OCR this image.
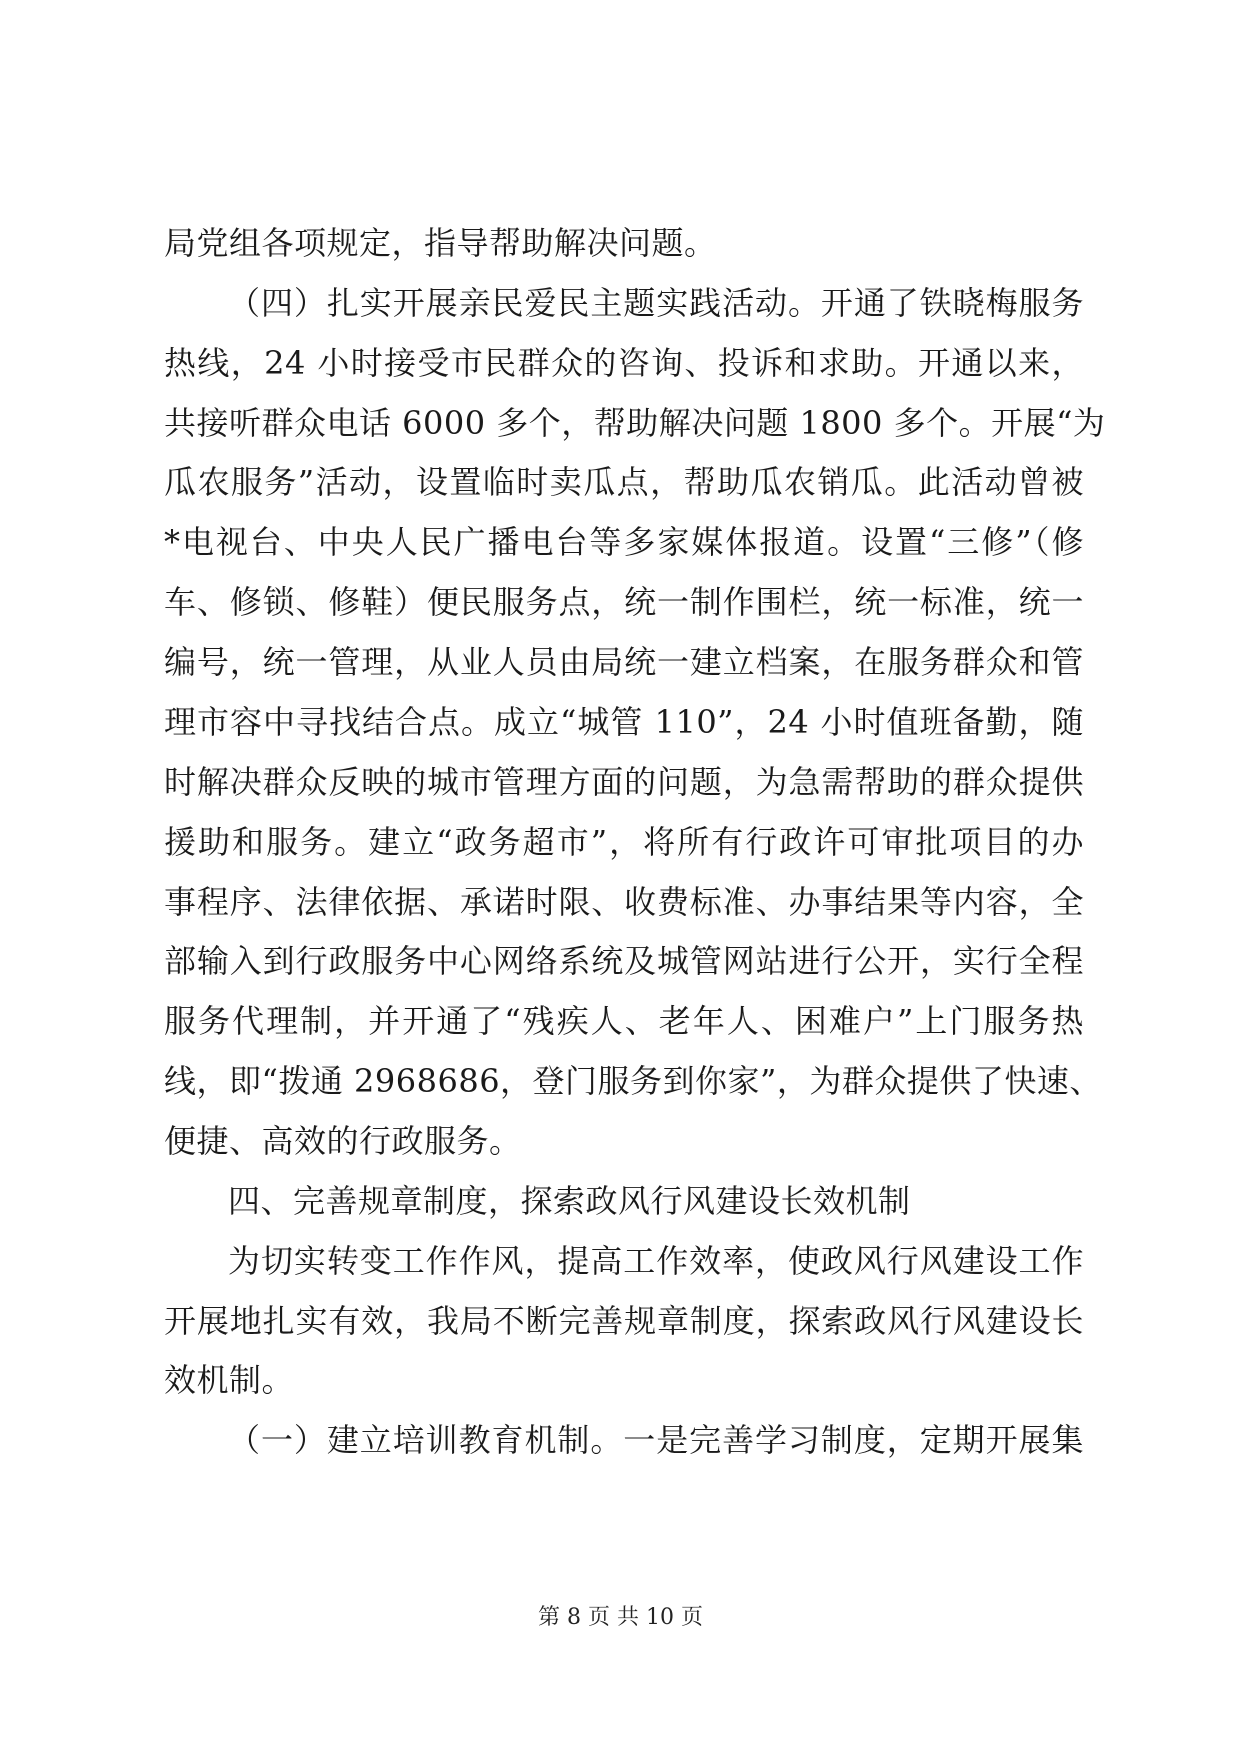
局党组各项规定，指导帮助解决问题。
（四）扎实开展亲民爱民主题实践活动。开通了铁晓梅服务
热线，24 小时接受市民群众的咨询、投诉和求助。开通以来，
共接听群众电话 6000 多个，帮助解决问题 1800 多个。开展“为
瓜农服务”活动，设置临时卖瓜点，帮助瓜农销瓜。此活动曾被
*电视台、中央人民广播电台等多家媒体报道。设置“三修”（修
车、修锁、修鞋）便民服务点，统一制作围栏，统一标准，统一
编号，统一管理，从业人员由局统一建立档案，在服务群众和管
理市容中寻找结合点。成立“城管 110”，24 小时值班备勤，随
时解决群众反映的城市管理方面的问题，为急需帮助的群众提供
援助和服务。建立“政务超市”，将所有行政许可审批项目的办
事程序、法律依据、承诺时限、收费标准、办事结果等内容，全
部输入到行政服务中心网络系统及城管网站进行公开，实行全程
服务代理制，并开通了“残疾人、老年人、困难户”上门服务热
线，即“拨通 2968686，登门服务到你家”，为群众提供了快速、
便捷、高效的行政服务。
四、完善规章制度，探索政风行风建设长效机制
为切实转变工作作风，提高工作效率，使政风行风建设工作
开展地扎实有效，我局不断完善规章制度，探索政风行风建设长
效机制。
（一）建立培训教育机制。一是完善学习制度，定期开展集
第 8 页 共 10 页
